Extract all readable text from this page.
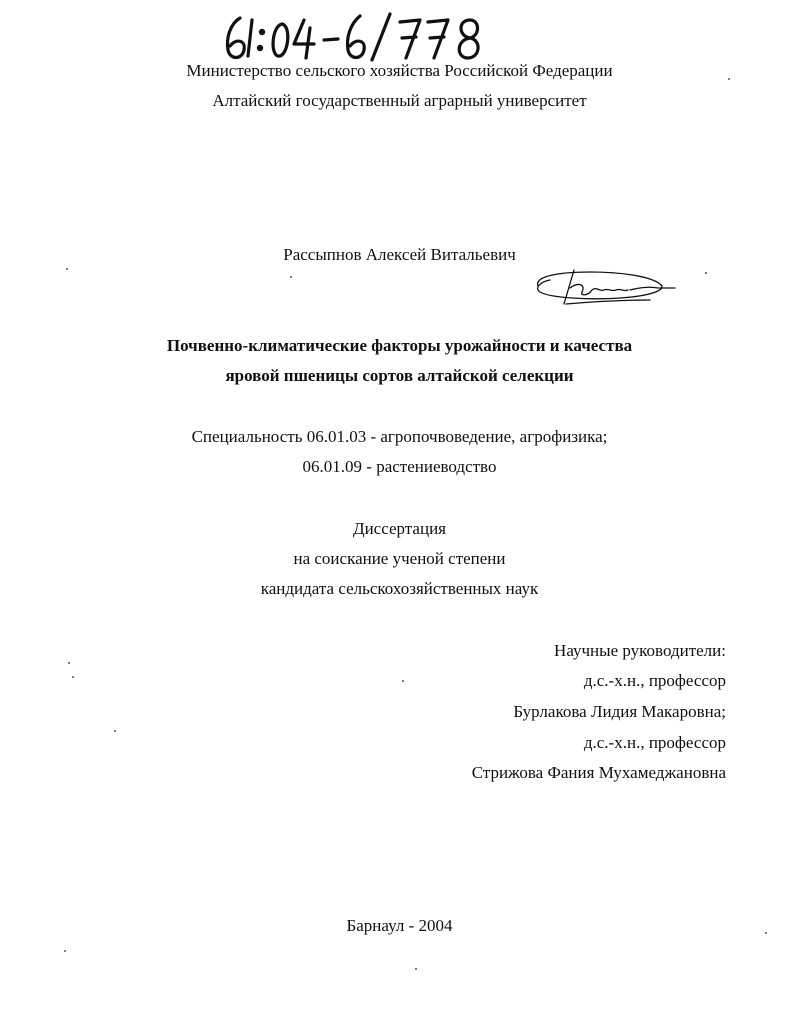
Министерство сельского хозяйства Российской Федерации
Алтайский государственный аграрный университет
Рассыпнов Алексей Витальевич
Почвенно-климатические факторы урожайности и качества
яровой пшеницы сортов алтайской селекции
Специальность 06.01.03 - агропочвоведение, агрофизика;
06.01.09 - растениеводство
Диссертация
на соискание ученой степени
кандидата сельскохозяйственных наук
Научные руководители:
д.с.-х.н., профессор
Бурлакова Лидия Макаровна;
д.с.-х.н., профессор
Стрижова Фания Мухамеджановна
Барнаул - 2004
